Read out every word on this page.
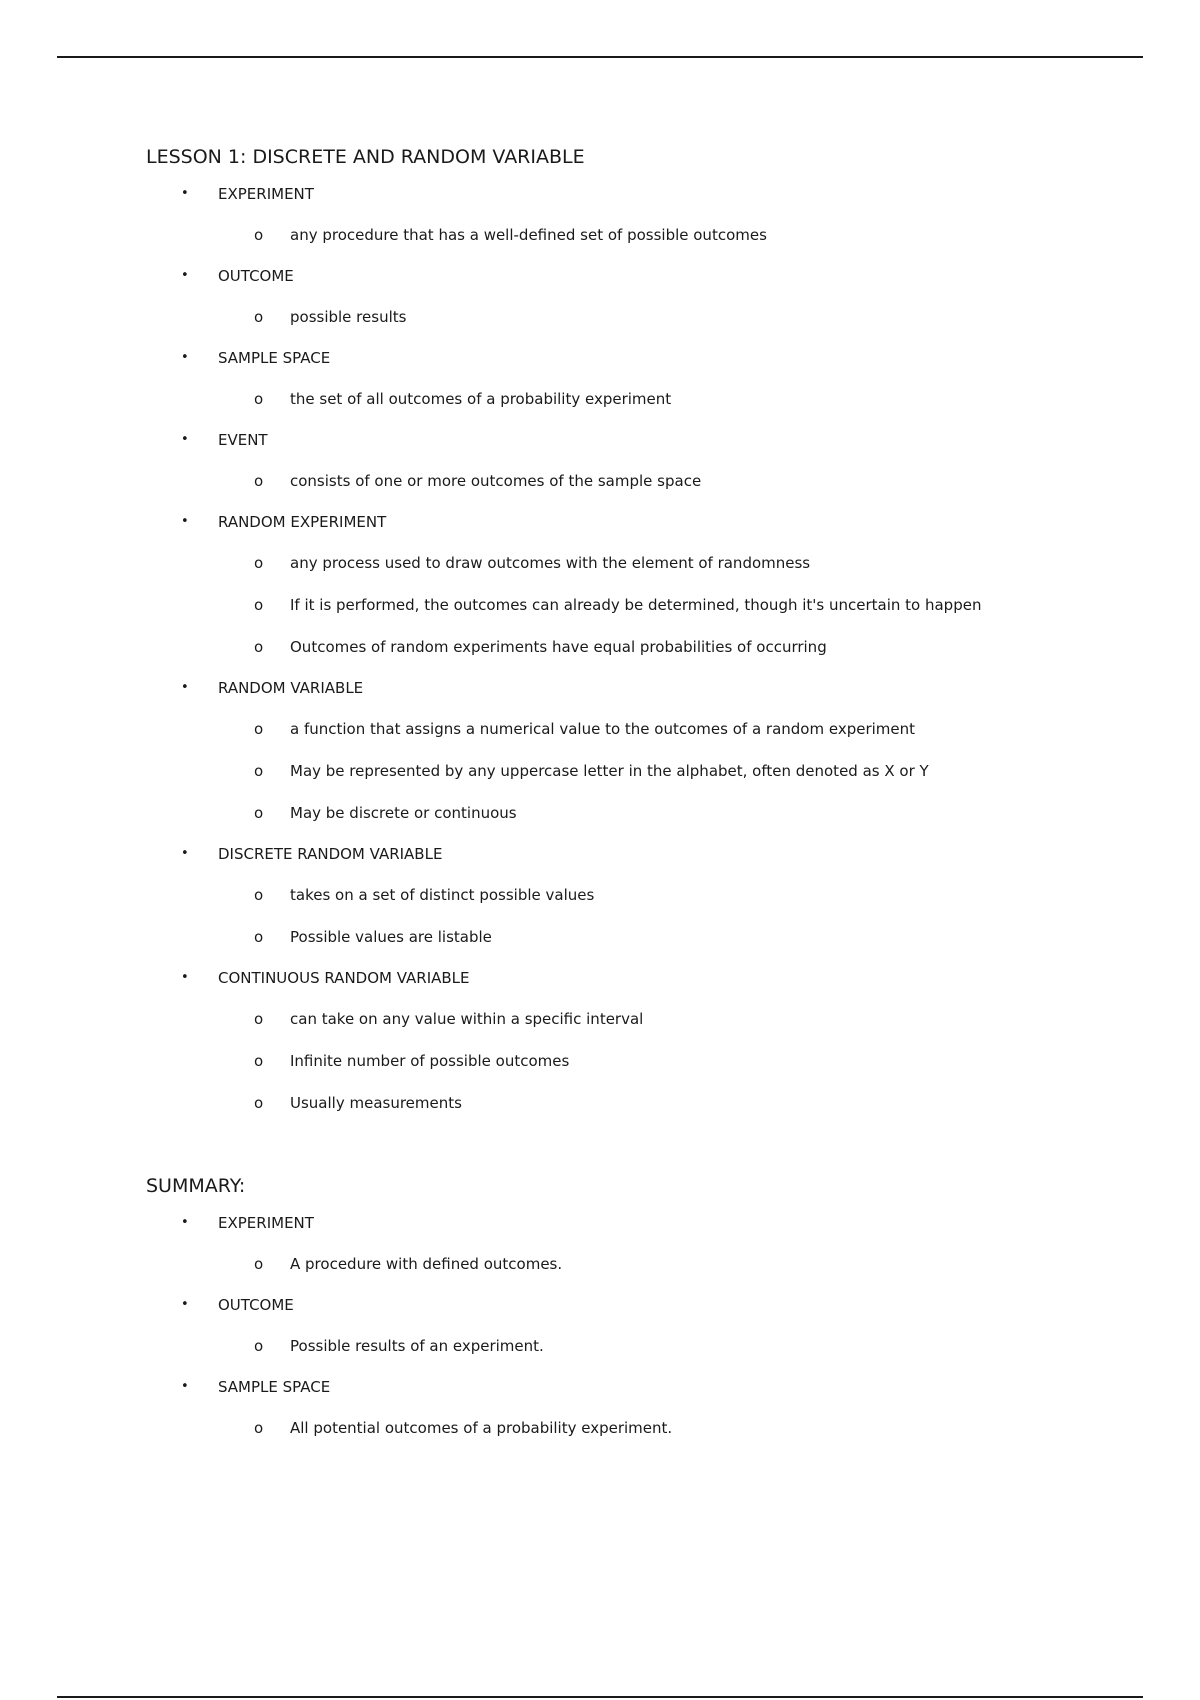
LESSON 1: DISCRETE AND RANDOM VARIABLE
• EXPERIMENT
o any procedure that has a well-defined set of possible outcomes
• OUTCOME
o possible results
• SAMPLE SPACE
o the set of all outcomes of a probability experiment
• EVENT
o consists of one or more outcomes of the sample space
• RANDOM EXPERIMENT
o any process used to draw outcomes with the element of randomness
o If it is performed, the outcomes can already be determined, though it's uncertain to happen
o Outcomes of random experiments have equal probabilities of occurring
• RANDOM VARIABLE
o a function that assigns a numerical value to the outcomes of a random experiment
o May be represented by any uppercase letter in the alphabet, often denoted as X or Y
o May be discrete or continuous
• DISCRETE RANDOM VARIABLE
o takes on a set of distinct possible values
o Possible values are listable
• CONTINUOUS RANDOM VARIABLE
o can take on any value within a specific interval
o Infinite number of possible outcomes
o Usually measurements
SUMMARY:
• EXPERIMENT
o A procedure with defined outcomes.
• OUTCOME
o Possible results of an experiment.
• SAMPLE SPACE
o All potential outcomes of a probability experiment.
